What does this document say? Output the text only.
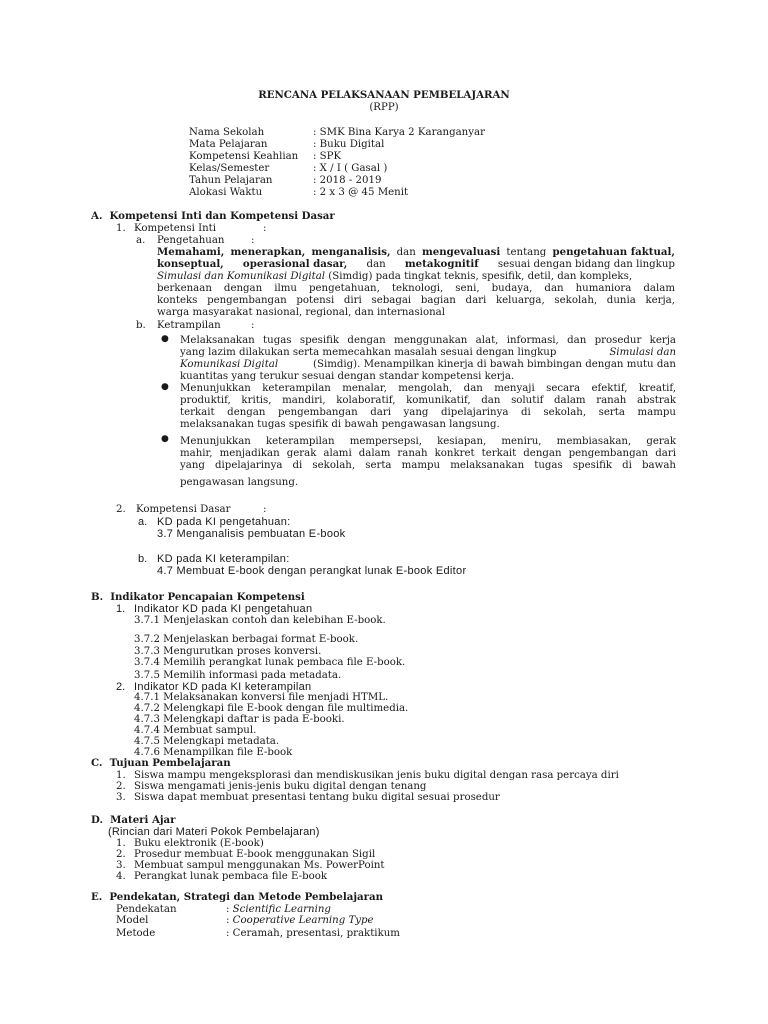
RENCANA PELAKSANAAN PEMBELAJARAN
(RPP)
Nama Sekolah	: SMK Bina Karya 2 Karanganyar
Mata Pelajaran	: Buku Digital
Kompetensi Keahlian : SPK
Kelas/Semester	: X / I ( Gasal )
Tahun Pelajaran	: 2018 - 2019
Alokasi Waktu	: 2 x 3 @ 45 Menit
A.  Kompetensi Inti dan Kompetensi Dasar
1. Kompetensi Inti	:
a. Pengetahuan	:
Memahami, menerapkan, menganalisis, dan mengevaluasi tentang pengetahuan faktual,
konseptual, operasional dasar, dan metakognitif sesuai dengan bidang dan lingkup
Simulasi dan Komunikasi Digital (Simdig) pada tingkat teknis, spesifik, detil, dan kompleks,
berkenaan dengan ilmu pengetahuan, teknologi, seni, budaya, dan humaniora dalam
konteks pengembangan potensi diri sebagai bagian dari keluarga, sekolah, dunia kerja,
warga masyarakat nasional, regional, dan internasional
b. Ketrampilan	:
● Melaksanakan tugas spesifik dengan menggunakan alat, informasi, dan prosedur kerja
yang lazim dilakukan serta memecahkan masalah sesuai dengan lingkup	Simulasi dan
Komunikasi Digital	(Simdig). Menampilkan kinerja di bawah bimbingan dengan mutu dan
kuantitas yang terukur sesuai dengan standar kompetensi kerja.
● Menunjukkan keterampilan menalar, mengolah, dan menyaji secara efektif, kreatif,
produktif, kritis, mandiri, kolaboratif, komunikatif, dan solutif dalam ranah abstrak
terkait dengan pengembangan dari yang dipelajarinya di sekolah, serta mampu
melaksanakan tugas spesifik di bawah pengawasan langsung.
● Menunjukkan keterampilan mempersepsi, kesiapan, meniru, membiasakan, gerak
mahir, menjadikan gerak alami dalam ranah konkret terkait dengan pengembangan dari
yang dipelajarinya di sekolah, serta mampu melaksanakan tugas spesifik di bawah
pengawasan langsung.
2. Kompetensi Dasar	:
a. KD pada KI pengetahuan:
3.7 Menganalisis pembuatan E-book
b. KD pada KI keterampilan:
4.7 Membuat E-book dengan perangkat lunak E-book Editor
B.  Indikator Pencapaian Kompetensi
1. Indikator KD pada KI pengetahuan
3.7.1 Menjelaskan contoh dan kelebihan E-book.
3.7.2 Menjelaskan berbagai format E-book.
3.7.3 Mengurutkan proses konversi.
3.7.4 Memilih perangkat lunak pembaca file E-book.
3.7.5 Memilih informasi pada metadata.
2. Indikator KD pada KI keterampilan
4.7.1 Melaksanakan konversi file menjadi HTML.
4.7.2 Melengkapi file E-book dengan file multimedia.
4.7.3 Melengkapi daftar is pada E-booki.
4.7.4 Membuat sampul.
4.7.5 Melengkapi metadata.
4.7.6 Menampilkan file E-book
C.  Tujuan Pembelajaran
1. Siswa mampu mengeksplorasi dan mendiskusikan jenis buku digital dengan rasa percaya diri
2. Siswa mengamati jenis-jenis buku digital dengan tenang
3. Siswa dapat membuat presentasi tentang buku digital sesuai prosedur
D.  Materi Ajar
(Rincian dari Materi Pokok Pembelajaran)
1. Buku elektronik (E-book)
2. Prosedur membuat E-book menggunakan Sigil
3. Membuat sampul menggunakan Ms. PowerPoint
4. Perangkat lunak pembaca file E-book
E.  Pendekatan, Strategi dan Metode Pembelajaran
Pendekatan	: Scientific Learning
Model	: Cooperative Learning Type
Metode	: Ceramah, presentasi, praktikum
